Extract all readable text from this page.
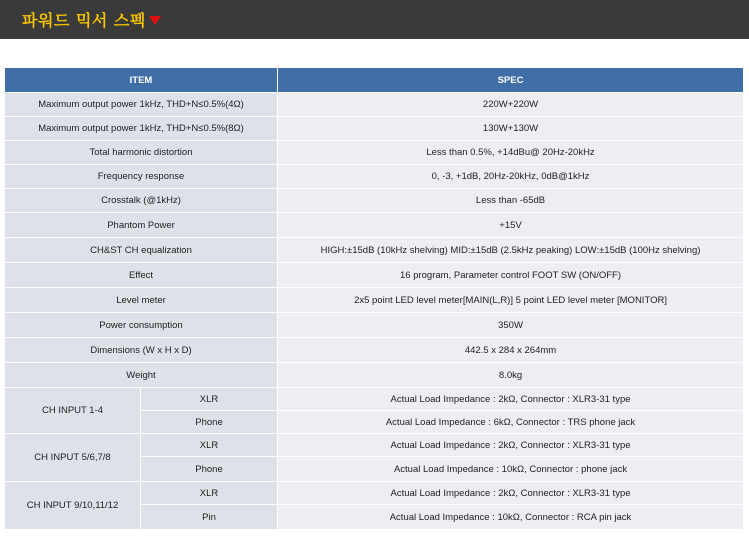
파워드 믹서 스펙
ITEM		SPEC
Maximum output power 1kHz, THD+N≤0.5%(4Ω)		220W+220W
Maximum output power 1kHz, THD+N≤0.5%(8Ω)		130W+130W
Total harmonic distortion		Less than 0.5%, +14dBu@ 20Hz-20kHz
Frequency response		0, -3, +1dB, 20Hz-20kHz, 0dB@1kHz
Crosstalk (@1kHz)		Less than -65dB
Phantom Power		+15V
CH&ST CH equalization		HIGH:±15dB (10kHz shelving) MID:±15dB (2.5kHz peaking) LOW:±15dB (100Hz shelving)
Effect		16 program, Parameter control FOOT SW (ON/OFF)
Level meter		2x5 point LED level meter[MAIN(L,R)] 5 point LED level meter [MONITOR]
Power consumption		350W
Dimensions (W x H x D)		442.5 x 284 x 264mm
Weight		8.0kg
CH INPUT 1-4	XLR	Actual Load Impedance : 2kΩ, Connector : XLR3-31 type
	Phone	Actual Load Impedance : 6kΩ, Connector : TRS phone jack
CH INPUT 5/6,7/8	XLR	Actual Load Impedance : 2kΩ, Connector : XLR3-31 type
	Phone	Actual Load Impedance : 10kΩ, Connector : phone jack
CH INPUT 9/10,11/12	XLR	Actual Load Impedance : 2kΩ, Connector : XLR3-31 type
	Pin	Actual Load Impedance : 10kΩ, Connector : RCA pin jack
